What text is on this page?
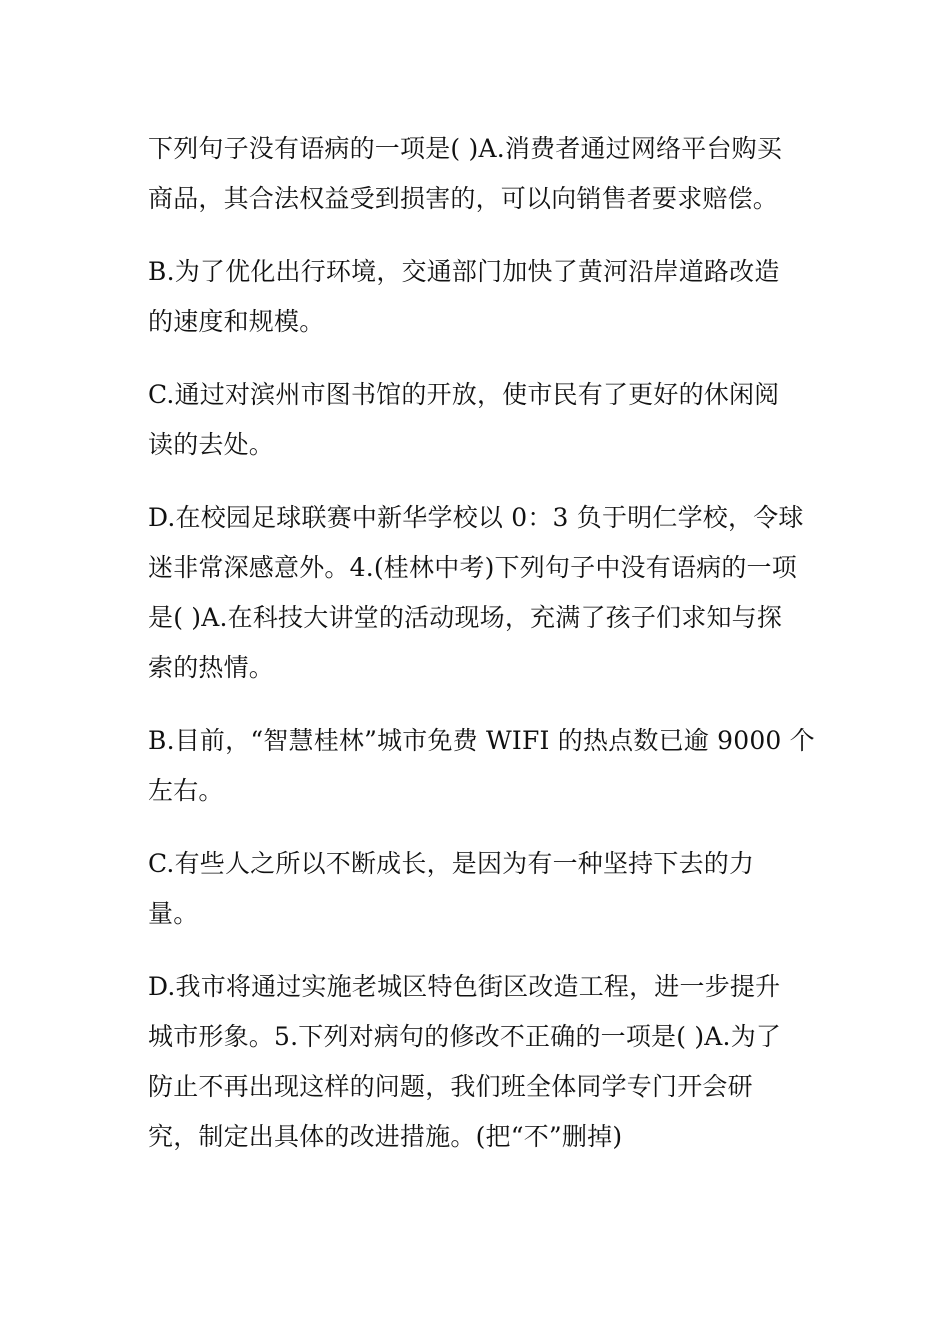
下列句子没有语病的一项是( )A.消费者通过网络平台购买
商品，其合法权益受到损害的，可以向销售者要求赔偿。

B.为了优化出行环境，交通部门加快了黄河沿岸道路改造
的速度和规模。

C.通过对滨州市图书馆的开放，使市民有了更好的休闲阅
读的去处。

D.在校园足球联赛中新华学校以 0：3 负于明仁学校，令球
迷非常深感意外。4.(桂林中考)下列句子中没有语病的一项
是( )A.在科技大讲堂的活动现场，充满了孩子们求知与探
索的热情。

B.目前，“智慧桂林”城市免费 WIFI 的热点数已逾 9000 个
左右。

C.有些人之所以不断成长，是因为有一种坚持下去的力
量。

D.我市将通过实施老城区特色街区改造工程，进一步提升
城市形象。5.下列对病句的修改不正确的一项是( )A.为了
防止不再出现这样的问题，我们班全体同学专门开会研
究，制定出具体的改进措施。(把“不”删掉)
